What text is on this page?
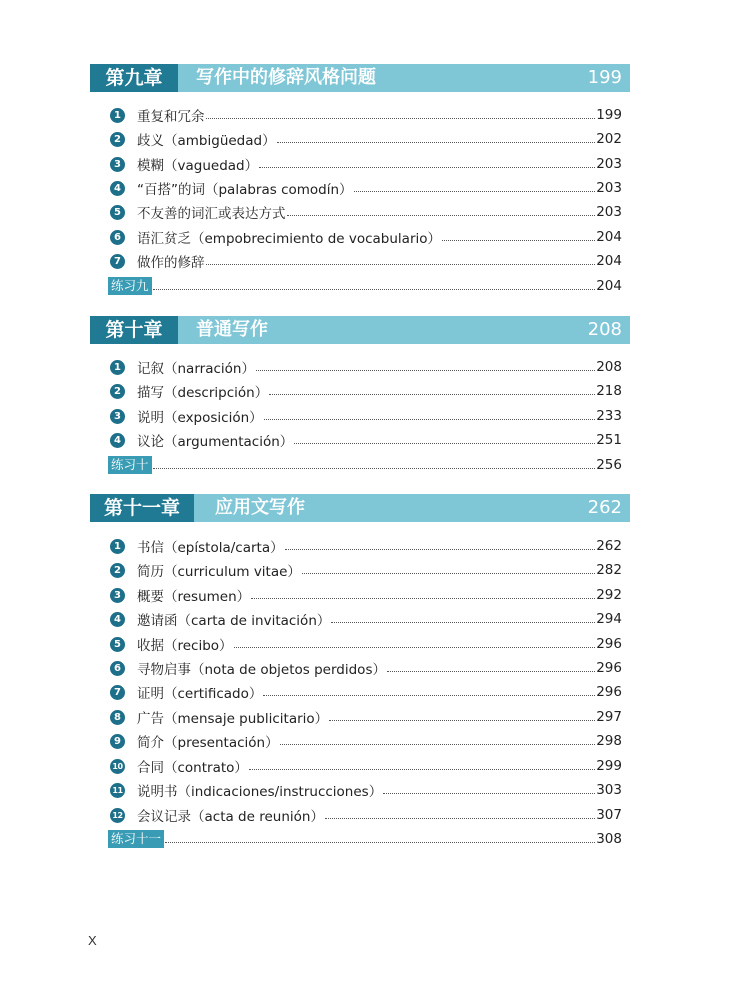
第九章	写作中的修辞风格问题	199
1 重复和冗余	199
2 歧义（ambigüedad）	202
3 模糊（vaguedad）	203
4 “百搭”的词（palabras comodín）	203
5 不友善的词汇或表达方式	203
6 语汇贫乏（empobrecimiento de vocabulario）	204
7 做作的修辞	204
练习九	204
第十章	普通写作	208
1 记叙（narración）	208
2 描写（descripción）	218
3 说明（exposición）	233
4 议论（argumentación）	251
练习十	256
第十一章	应用文写作	262
1 书信（epístola/carta）	262
2 简历（curriculum vitae）	282
3 概要（resumen）	292
4 邀请函（carta de invitación）	294
5 收据（recibo）	296
6 寻物启事（nota de objetos perdidos）	296
7 证明（certificado）	296
8 广告（mensaje publicitario）	297
9 简介（presentación）	298
10 合同（contrato）	299
11 说明书（indicaciones/instrucciones）	303
12 会议记录（acta de reunión）	307
练习十一	308
X
